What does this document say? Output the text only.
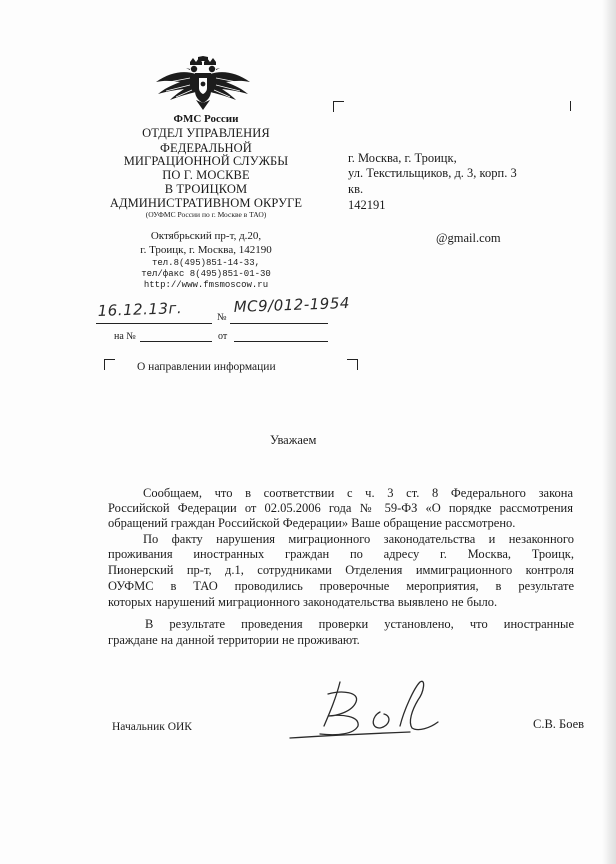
ФМС России
ОТДЕЛ УПРАВЛЕНИЯ
ФЕДЕРАЛЬНОЙ
МИГРАЦИОННОЙ СЛУЖБЫ
ПО Г. МОСКВЕ
В ТРОИЦКОМ
АДМИНИСТРАТИВНОМ ОКРУГЕ
(ОУФМС России по г. Москве в ТАО)
Октябрьский пр-т, д.20,
г. Троицк, г. Москва, 142190
тел.8(495)851-14-33,
тел/факс 8(495)851-01-30
http://www.fmsmoscow.ru
16.12.13г.	№
МС9/012-1954
на №	от
г. Москва, г. Троицк,
ул. Текстильщиков, д. 3, корп. 3
кв.
142191
@gmail.com
О направлении информации
Уважаем
Сообщаем, что в соответствии с ч. 3 ст. 8 Федерального закона
Российской Федерации от 02.05.2006 года № 59-ФЗ «О порядке рассмотрения
обращений граждан Российской Федерации» Ваше обращение рассмотрено.
По факту нарушения миграционного законодательства и незаконного
проживания иностранных граждан по адресу г. Москва, Троицк,
Пионерский пр-т, д.1, сотрудниками Отделения иммиграционного контроля
ОУФМС в ТАО проводились проверочные мероприятия, в результате
которых нарушений миграционного законодательства выявлено не было.
В результате проведения проверки установлено, что иностранные
граждане на данной территории не проживают.
Начальник ОИК	С.В. Боев
